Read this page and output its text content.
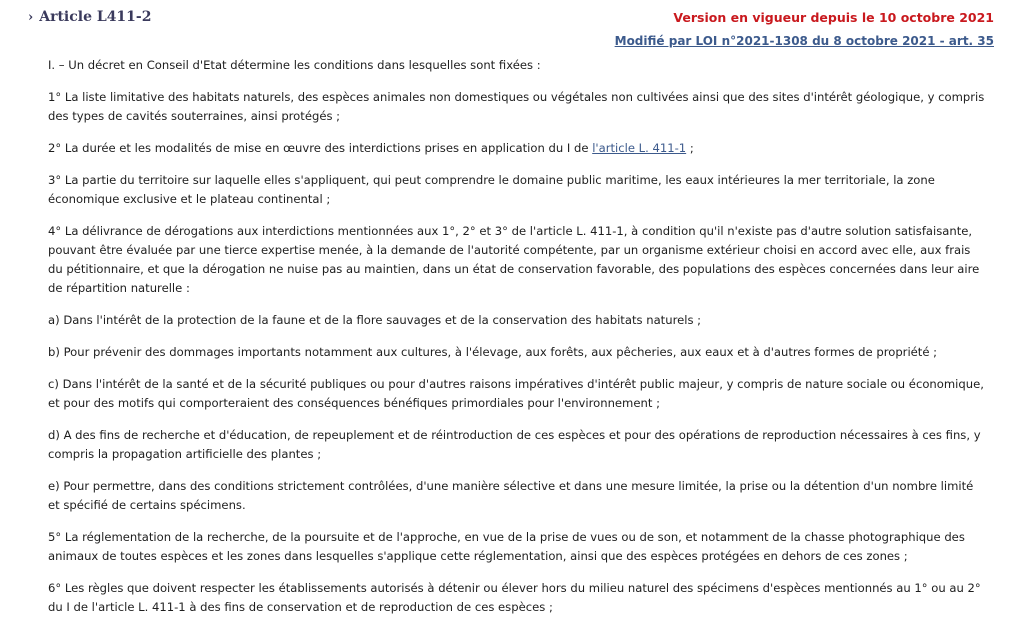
› Article L411-2	Version en vigueur depuis le 10 octobre 2021
Modifié par LOI n°2021-1308 du 8 octobre 2021 - art. 35

I. – Un décret en Conseil d'Etat détermine les conditions dans lesquelles sont fixées :

1° La liste limitative des habitats naturels, des espèces animales non domestiques ou végétales non cultivées ainsi que des sites d'intérêt géologique, y compris des types de cavités souterraines, ainsi protégés ;

2° La durée et les modalités de mise en œuvre des interdictions prises en application du I de l'article L. 411-1 ;

3° La partie du territoire sur laquelle elles s'appliquent, qui peut comprendre le domaine public maritime, les eaux intérieures la mer territoriale, la zone économique exclusive et le plateau continental ;

4° La délivrance de dérogations aux interdictions mentionnées aux 1°, 2° et 3° de l'article L. 411-1, à condition qu'il n'existe pas d'autre solution satisfaisante, pouvant être évaluée par une tierce expertise menée, à la demande de l'autorité compétente, par un organisme extérieur choisi en accord avec elle, aux frais du pétitionnaire, et que la dérogation ne nuise pas au maintien, dans un état de conservation favorable, des populations des espèces concernées dans leur aire de répartition naturelle :

a) Dans l'intérêt de la protection de la faune et de la flore sauvages et de la conservation des habitats naturels ;

b) Pour prévenir des dommages importants notamment aux cultures, à l'élevage, aux forêts, aux pêcheries, aux eaux et à d'autres formes de propriété ;

c) Dans l'intérêt de la santé et de la sécurité publiques ou pour d'autres raisons impératives d'intérêt public majeur, y compris de nature sociale ou économique, et pour des motifs qui comporteraient des conséquences bénéfiques primordiales pour l'environnement ;

d) A des fins de recherche et d'éducation, de repeuplement et de réintroduction de ces espèces et pour des opérations de reproduction nécessaires à ces fins, y compris la propagation artificielle des plantes ;

e) Pour permettre, dans des conditions strictement contrôlées, d'une manière sélective et dans une mesure limitée, la prise ou la détention d'un nombre limité et spécifié de certains spécimens.

5° La réglementation de la recherche, de la poursuite et de l'approche, en vue de la prise de vues ou de son, et notamment de la chasse photographique des animaux de toutes espèces et les zones dans lesquelles s'applique cette réglementation, ainsi que des espèces protégées en dehors de ces zones ;

6° Les règles que doivent respecter les établissements autorisés à détenir ou élever hors du milieu naturel des spécimens d'espèces mentionnés au 1° ou au 2° du I de l'article L. 411-1 à des fins de conservation et de reproduction de ces espèces ;
